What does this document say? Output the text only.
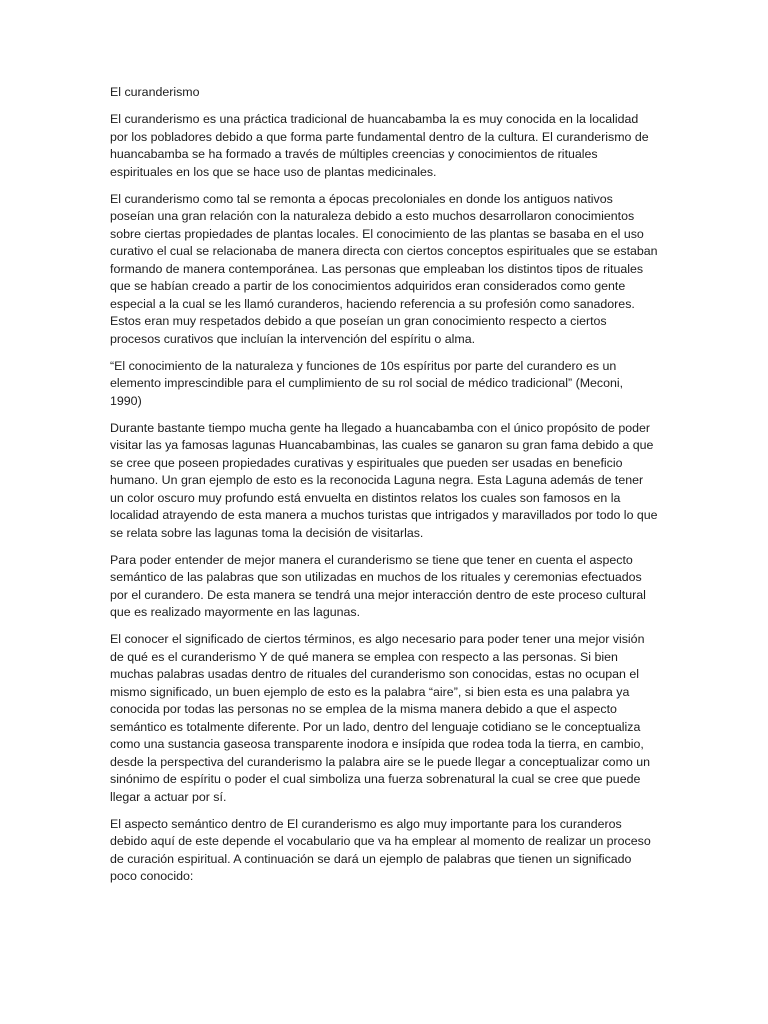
El curanderismo

El curanderismo es una práctica tradicional de huancabamba la es muy conocida en la localidad por los pobladores debido a que forma parte fundamental dentro de la cultura. El curanderismo de huancabamba se ha formado a través de múltiples creencias y conocimientos de rituales espirituales en los que se hace uso de plantas medicinales.

El curanderismo como tal se remonta a épocas precoloniales en donde los antiguos nativos poseían una gran relación con la naturaleza debido a esto muchos desarrollaron conocimientos sobre ciertas propiedades de plantas locales. El conocimiento de las plantas se basaba en el uso curativo el cual se relacionaba de manera directa con ciertos conceptos espirituales que se estaban formando de manera contemporánea. Las personas que empleaban los distintos tipos de rituales que se habían creado a partir de los conocimientos adquiridos eran considerados como gente especial a la cual se les llamó curanderos, haciendo referencia a su profesión como sanadores. Estos eran muy respetados debido a que poseían un gran conocimiento respecto a ciertos procesos curativos que incluían la intervención del espíritu o alma.

“El conocimiento de la naturaleza y funciones de 10s espíritus por parte del curandero es un elemento imprescindible para el cumplimiento de su rol social de médico tradicional” (Meconi, 1990)

Durante bastante tiempo mucha gente ha llegado a huancabamba con el único propósito de poder visitar las ya famosas lagunas Huancabambinas, las cuales se ganaron su gran fama debido a que se cree que poseen propiedades curativas y espirituales que pueden ser usadas en beneficio humano. Un gran ejemplo de esto es la reconocida Laguna negra. Esta Laguna además de tener un color oscuro muy profundo está envuelta en distintos relatos los cuales son famosos en la localidad atrayendo de esta manera a muchos turistas que intrigados y maravillados por todo lo que se relata sobre las lagunas toma la decisión de visitarlas.

Para poder entender de mejor manera el curanderismo se tiene que tener en cuenta el aspecto semántico de las palabras que son utilizadas en muchos de los rituales y ceremonias efectuados por el curandero. De esta manera se tendrá una mejor interacción dentro de este proceso cultural que es realizado mayormente en las lagunas.

El conocer el significado de ciertos términos, es algo necesario para poder tener una mejor visión de qué es el curanderismo Y de qué manera se emplea con respecto a las personas. Si bien muchas palabras usadas dentro de rituales del curanderismo son conocidas, estas no ocupan el mismo significado, un buen ejemplo de esto es la palabra “aire”, si bien esta es una palabra ya conocida por todas las personas no se emplea de la misma manera debido a que el aspecto semántico es totalmente diferente. Por un lado, dentro del lenguaje cotidiano se le conceptualiza como una sustancia gaseosa transparente inodora e insípida que rodea toda la tierra, en cambio, desde la perspectiva del curanderismo la palabra aire se le puede llegar a conceptualizar como un sinónimo de espíritu o poder el cual simboliza una fuerza sobrenatural la cual se cree que puede llegar a actuar por sí.

El aspecto semántico dentro de El curanderismo es algo muy importante para los curanderos debido aquí de este depende el vocabulario que va ha emplear al momento de realizar un proceso de curación espiritual. A continuación se dará un ejemplo de palabras que tienen un significado poco conocido:
